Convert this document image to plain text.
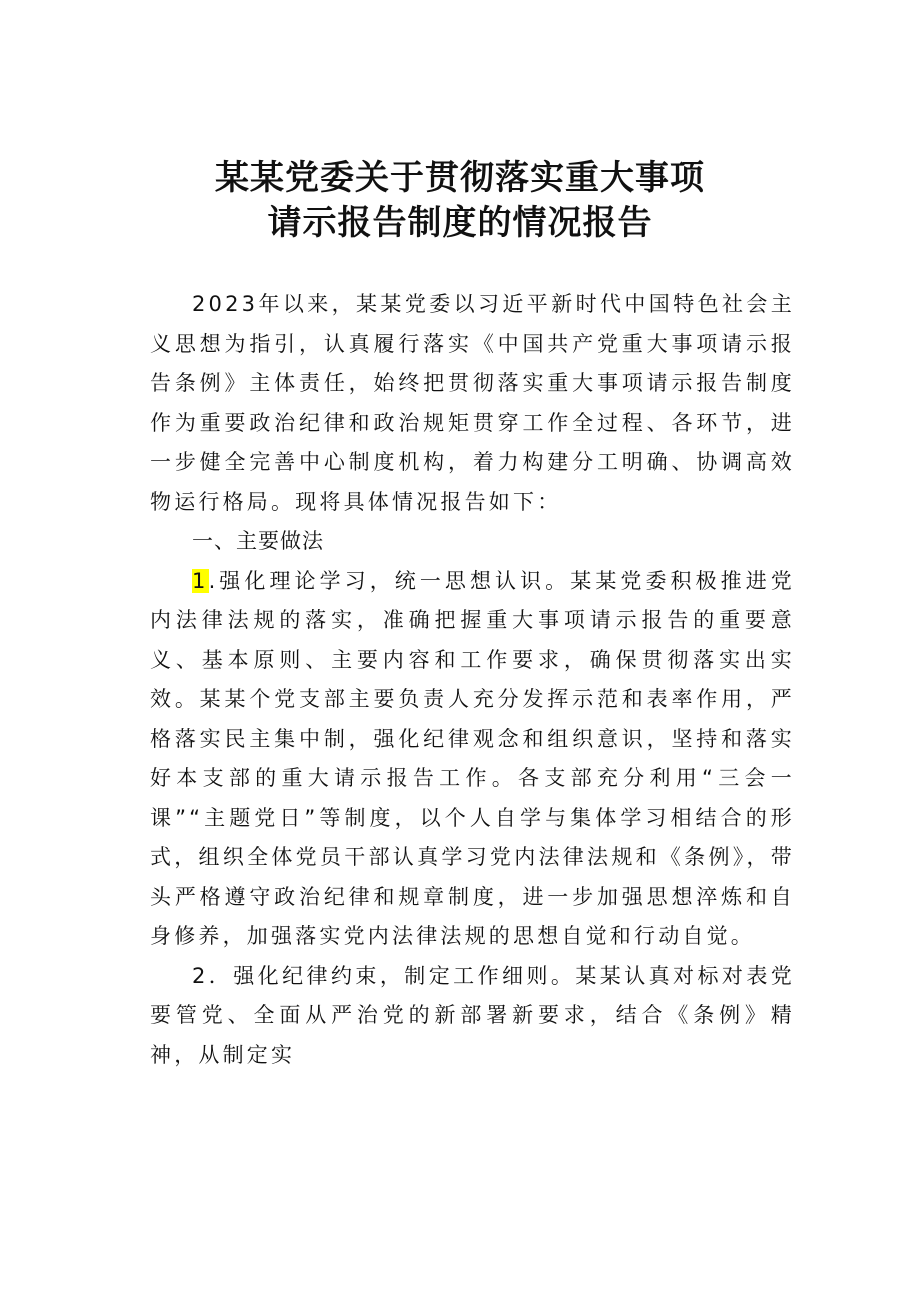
某某党委关于贯彻落实重大事项
请示报告制度的情况报告

2023年以来，某某党委以习近平新时代中国特色社会主义思想为指引，认真履行落实《中国共产党重大事项请示报告条例》主体责任，始终把贯彻落实重大事项请示报告制度作为重要政治纪律和政治规矩贯穿工作全过程、各环节，进一步健全完善中心制度机构，着力构建分工明确、协调高效物运行格局。现将具体情况报告如下：

一、主要做法

1.强化理论学习，统一思想认识。某某党委积极推进党内法律法规的落实，准确把握重大事项请示报告的重要意义、基本原则、主要内容和工作要求，确保贯彻落实出实效。某某个党支部主要负责人充分发挥示范和表率作用，严格落实民主集中制，强化纪律观念和组织意识，坚持和落实好本支部的重大请示报告工作。各支部充分利用“三会一课”“主题党日”等制度，以个人自学与集体学习相结合的形式，组织全体党员干部认真学习党内法律法规和《条例》，带头严格遵守政治纪律和规章制度，进一步加强思想淬炼和自身修养，加强落实党内法律法规的思想自觉和行动自觉。

2．强化纪律约束，制定工作细则。某某认真对标对表党要管党、全面从严治党的新部署新要求，结合《条例》精神，从制定实
